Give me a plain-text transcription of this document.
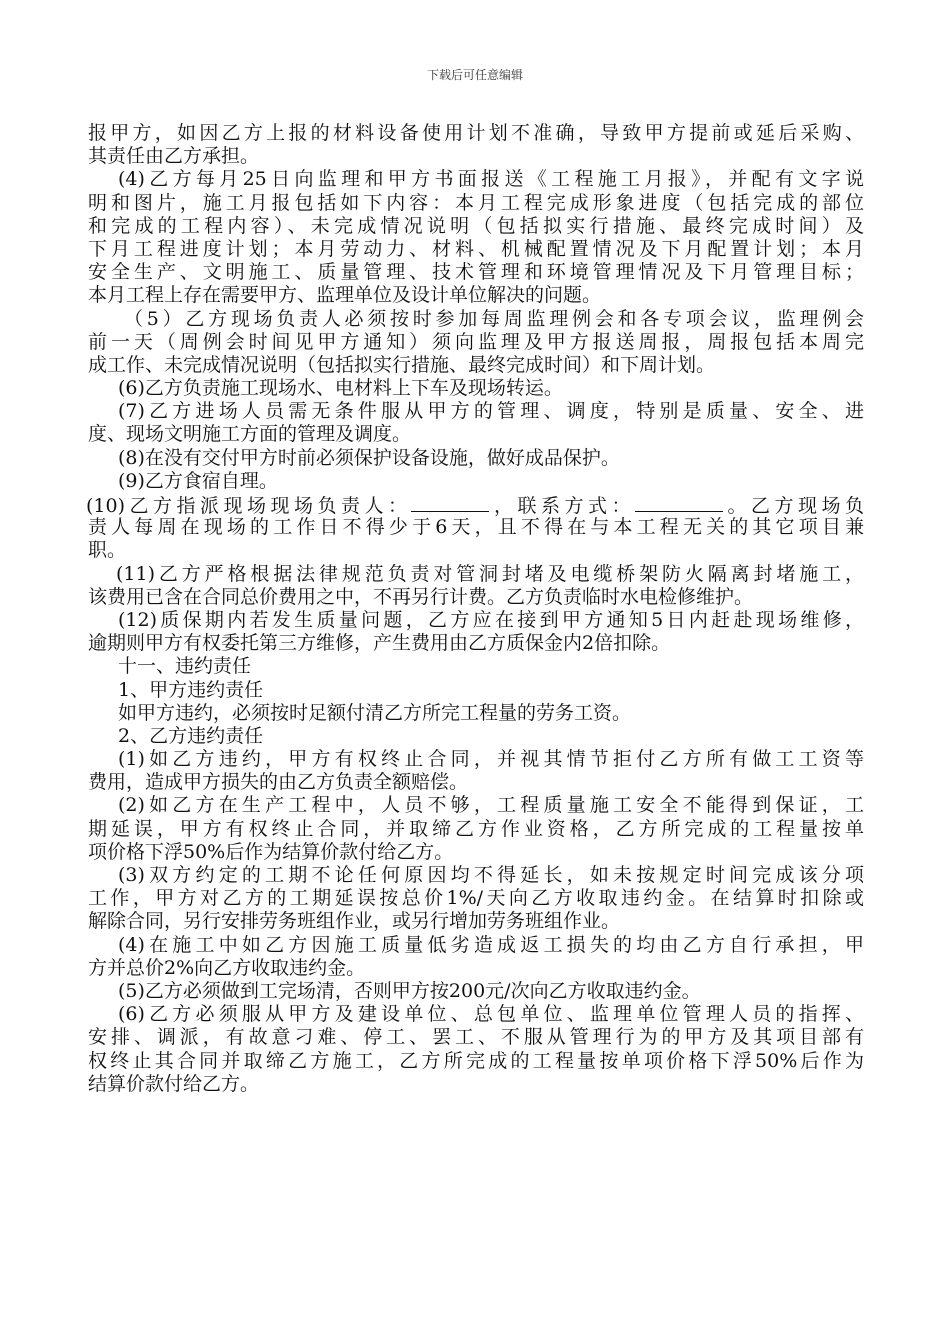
下载后可任意编辑
报甲方，如因乙方上报的材料设备使用计划不准确，导致甲方提前或延后采购、
其责任由乙方承担。
(4)乙方每月25日向监理和甲方书面报送《工程施工月报》，并配有文字说
明和图片，施工月报包括如下内容：本月工程完成形象进度（包括完成的部位
和完成的工程内容）、未完成情况说明（包括拟实行措施、最终完成时间）及
下月工程进度计划；本月劳动力、材料、机械配置情况及下月配置计划；本月
安全生产、文明施工、质量管理、技术管理和环境管理情况及下月管理目标；
本月工程上存在需要甲方、监理单位及设计单位解决的问题。
（5）乙方现场负责人必须按时参加每周监理例会和各专项会议，监理例会
前一天（周例会时间见甲方通知）须向监理及甲方报送周报，周报包括本周完
成工作、未完成情况说明（包括拟实行措施、最终完成时间）和下周计划。
(6)乙方负责施工现场水、电材料上下车及现场转运。
(7)乙方进场人员需无条件服从甲方的管理、调度，特别是质量、安全、进
度、现场文明施工方面的管理及调度。
(8)在没有交付甲方时前必须保护设备设施，做好成品保护。
(9)乙方食宿自理。
(10)乙方指派现场现场负责人：	，联系方式：	。乙方现场负
责人每周在现场的工作日不得少于6天，且不得在与本工程无关的其它项目兼
职。
(11)乙方严格根据法律规范负责对管洞封堵及电缆桥架防火隔离封堵施工，
该费用已含在合同总价费用之中，不再另行计费。乙方负责临时水电检修维护。
(12)质保期内若发生质量问题，乙方应在接到甲方通知5日内赶赴现场维修，
逾期则甲方有权委托第三方维修，产生费用由乙方质保金内2倍扣除。
十一、违约责任
1、甲方违约责任
如甲方违约，必须按时足额付清乙方所完工程量的劳务工资。
2、乙方违约责任
(1)如乙方违约，甲方有权终止合同，并视其情节拒付乙方所有做工工资等
费用，造成甲方损失的由乙方负责全额赔偿。
(2)如乙方在生产工程中，人员不够，工程质量施工安全不能得到保证，工
期延误，甲方有权终止合同，并取缔乙方作业资格，乙方所完成的工程量按单
项价格下浮50%后作为结算价款付给乙方。
(3)双方约定的工期不论任何原因均不得延长，如未按规定时间完成该分项
工作，甲方对乙方的工期延误按总价1%/天向乙方收取违约金。在结算时扣除或
解除合同，另行安排劳务班组作业，或另行增加劳务班组作业。
(4)在施工中如乙方因施工质量低劣造成返工损失的均由乙方自行承担，甲
方并总价2%向乙方收取违约金。
(5)乙方必须做到工完场清，否则甲方按200元/次向乙方收取违约金。
(6)乙方必须服从甲方及建设单位、总包单位、监理单位管理人员的指挥、
安排、调派，有故意刁难、停工、罢工、不服从管理行为的甲方及其项目部有
权终止其合同并取缔乙方施工，乙方所完成的工程量按单项价格下浮50%后作为
结算价款付给乙方。
